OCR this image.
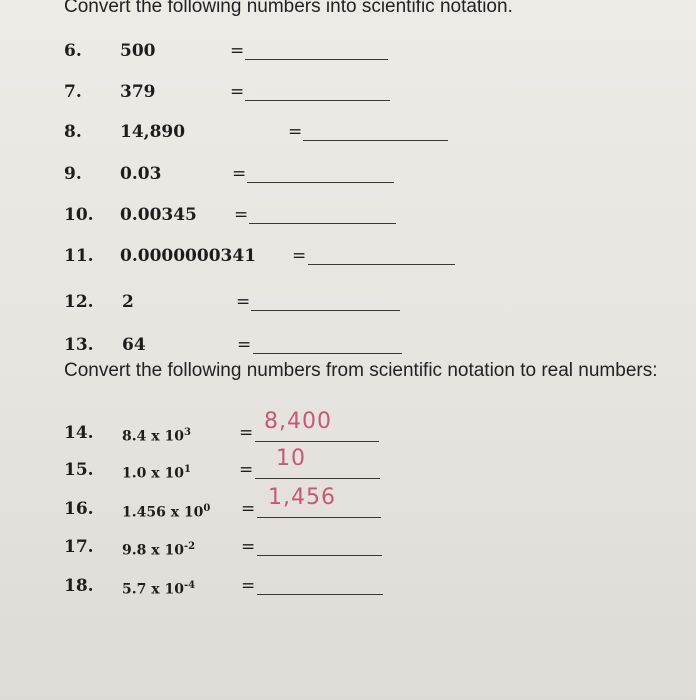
Convert the following numbers into scientific notation.
6. 500	=
7. 379	=
8. 14,890	=
9. 0.03	=
10. 0.00345 =
11. 0.0000000341 =
12. 2	=
13. 64	=
Convert the following numbers from scientific notation to real numbers:
14. 8.4 x $10^3$	= 8,400
15. 1.0 x $10^1$	= 10
16. 1.456 x $10^0 = 1,456$
17. 9.8 x $10^{-2}$	=
18. 5.7 x $10^{-4}$	=
